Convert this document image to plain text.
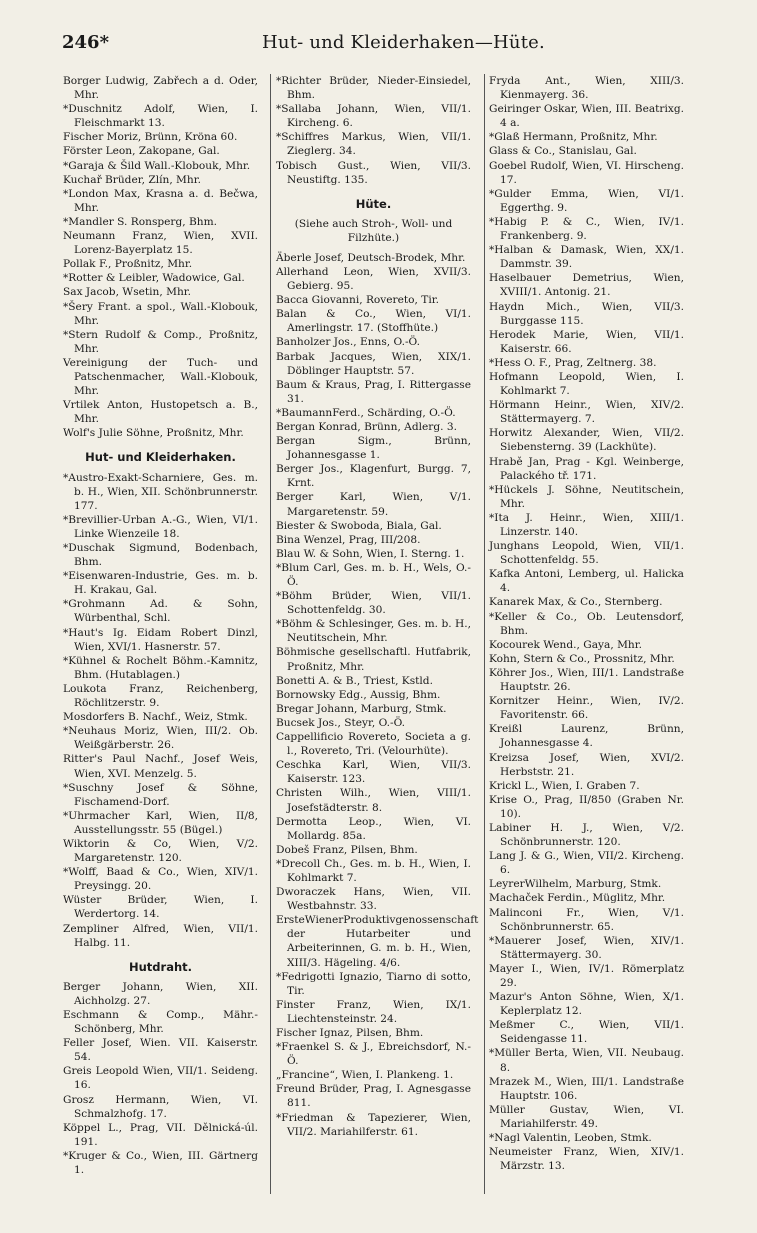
246*	Hut- und Kleiderhaken—Hüte.
Borger Ludwig, Zabřech a d. Oder, Mhr.
*Duschnitz Adolf, Wien, I. Fleischmarkt 13.
Fischer Moriz, Brünn, Kröna 60.
Förster Leon, Zakopane, Gal.
*Garaja & Šild Wall.-Klobouk, Mhr.
Kuchař Brüder, Zlín, Mhr.
*London Max, Krasna a. d. Bečwa, Mhr.
*Mandler S. Ronsperg, Bhm.
Neumann Franz, Wien, XVII. Lorenz-Bayerplatz 15.
Pollak F., Proßnitz, Mhr.
*Rotter & Leibler, Wadowice, Gal.
Sax Jacob, Wsetin, Mhr.
*Šery Frant. a spol., Wall.-Klobouk, Mhr.
*Stern Rudolf & Comp., Proßnitz, Mhr.
Vereinigung der Tuch- und Patschenmacher, Wall.-Klobouk, Mhr.
Vrtilek Anton, Hustopetsch a. B., Mhr.
Wolf's Julie Söhne, Proßnitz, Mhr.
Hut- und Kleiderhaken.
*Austro-Exakt-Scharniere, Ges. m. b. H., Wien, XII. Schönbrunnerstr. 177.
*Brevillier-Urban A.-G., Wien, VI/1. Linke Wienzeile 18.
*Duschak Sigmund, Bodenbach, Bhm.
*Eisenwaren-Industrie, Ges. m. b. H. Krakau, Gal.
*Grohmann Ad. & Sohn, Würbenthal, Schl.
*Haut's Ig. Eidam Robert Dinzl, Wien, XVI/1. Hasnerstr. 57.
*Kühnel & Rochelt Böhm.-Kamnitz, Bhm. (Hutablagen.)
Loukota Franz, Reichenberg, Röchlitzerstr. 9.
Mosdorfers B. Nachf., Weiz, Stmk.
*Neuhaus Moriz, Wien, III/2. Ob. Weißgärberstr. 26.
Ritter's Paul Nachf., Josef Weis, Wien, XVI. Menzelg. 5.
*Suschny Josef & Söhne, Fischamend-Dorf.
*Uhrmacher Karl, Wien, II/8, Ausstellungsstr. 55 (Bügel.)
Wiktorin & Co, Wien, V/2. Margaretenstr. 120.
*Wolff, Baad & Co., Wien, XIV/1. Preysingg. 20.
Wüster Brüder, Wien, I. Werdertorg. 14.
Zempliner Alfred, Wien, VII/1. Halbg. 11.
Hutdraht.
Berger Johann, Wien, XII. Aichholzg. 27.
Eschmann & Comp., Mähr.-Schönberg, Mhr.
Feller Josef, Wien. VII. Kaiserstr. 54.
Greis Leopold Wien, VII/1. Seideng. 16.
Grosz Hermann, Wien, VI. Schmalzhofg. 17.
Köppel L., Prag, VII. Dělnická-úl. 191.
*Kruger & Co., Wien, III. Gärtnerg 1.
*Richter Brüder, Nieder-Einsiedel, Bhm.
*Sallaba Johann, Wien, VII/1. Kircheng. 6.
*Schiffres Markus, Wien, VII/1. Zieglerg. 34.
Tobisch Gust., Wien, VII/3. Neustiftg. 135.
Hüte.
(Siehe auch Stroh-, Woll- und Filzhüte.)
Äberle Josef, Deutsch-Brodek, Mhr.
Allerhand Leon, Wien, XVII/3. Gebierg. 95.
Bacca Giovanni, Rovereto, Tir.
Balan & Co., Wien, VI/1. Amerlingstr. 17. (Stoffhüte.)
Banholzer Jos., Enns, O.-Ö.
Barbak Jacques, Wien, XIX/1. Döblinger Hauptstr. 57.
Baum & Kraus, Prag, I. Rittergasse 31.
*BaumannFerd., Schärding, O.-Ö.
Bergan Konrad, Brünn, Adlerg. 3.
Bergan Sigm., Brünn, Johannesgasse 1.
Berger Jos., Klagenfurt, Burgg. 7, Krnt.
Berger Karl, Wien, V/1. Margaretenstr. 59.
Biester & Swoboda, Biala, Gal.
Bina Wenzel, Prag, III/208.
Blau W. & Sohn, Wien, I. Sterng. 1.
*Blum Carl, Ges. m. b. H., Wels, O.-Ö.
*Böhm Brüder, Wien, VII/1. Schottenfeldg. 30.
*Böhm & Schlesinger, Ges. m. b. H., Neutitschein, Mhr.
Böhmische gesellschaftl. Hutfabrik, Proßnitz, Mhr.
Bonetti A. & B., Triest, Kstld.
Bornowsky Edg., Aussig, Bhm.
Bregar Johann, Marburg, Stmk.
Bucsek Jos., Steyr, O.-Ö.
Cappellificio Rovereto, Societa a g. l., Rovereto, Tri. (Velourhüte).
Ceschka Karl, Wien, VII/3. Kaiserstr. 123.
Christen Wilh., Wien, VIII/1. Josefstädterstr. 8.
Dermotta Leop., Wien, VI. Mollardg. 85a.
Dobeš Franz, Pilsen, Bhm.
*Drecoll Ch., Ges. m. b. H., Wien, I. Kohlmarkt 7.
Dworaczek Hans, Wien, VII. Westbahnstr. 33.
ErsteWienerProduktivgenossenschaft der Hutarbeiter und Arbeiterinnen, G. m. b. H., Wien, XIII/3. Hägeling. 4/6.
*Fedrigotti Ignazio, Tiarno di sotto, Tir.
Finster Franz, Wien, IX/1. Liechtensteinstr. 24.
Fischer Ignaz, Pilsen, Bhm.
*Fraenkel S. & J., Ebreichsdorf, N.-Ö.
„Francine“, Wien, I. Plankeng. 1.
Freund Brüder, Prag, I. Agnesgasse 811.
*Friedman & Tapezierer, Wien, VII/2. Mariahilferstr. 61.
Fryda Ant., Wien, XIII/3. Kienmayerg. 36.
Geiringer Oskar, Wien, III. Beatrixg. 4 a.
*Glaß Hermann, Proßnitz, Mhr.
Glass & Co., Stanislau, Gal.
Goebel Rudolf, Wien, VI. Hirscheng. 17.
*Gulder Emma, Wien, VI/1. Eggerthg. 9.
*Habig P. & C., Wien, IV/1. Frankenberg. 9.
*Halban & Damask, Wien, XX/1. Dammstr. 39.
Haselbauer Demetrius, Wien, XVIII/1. Antonig. 21.
Haydn Mich., Wien, VII/3. Burggasse 115.
Herodek Marie, Wien, VII/1. Kaiserstr. 66.
*Hess O. F., Prag, Zeltnerg. 38.
Hofmann Leopold, Wien, I. Kohlmarkt 7.
Hörmann Heinr., Wien, XIV/2. Stättermayerg. 7.
Horwitz Alexander, Wien, VII/2. Siebensterng. 39 (Lackhüte).
Hrabě Jan, Prag - Kgl. Weinberge, Palackého tř. 171.
*Hückels J. Söhne, Neutitschein, Mhr.
*Ita J. Heinr., Wien, XIII/1. Linzerstr. 140.
Junghans Leopold, Wien, VII/1. Schottenfeldg. 55.
Kafka Antoni, Lemberg, ul. Halicka 4.
Kanarek Max, & Co., Sternberg.
*Keller & Co., Ob. Leutensdorf, Bhm.
Kocourek Wend., Gaya, Mhr.
Kohn, Stern & Co., Prossnitz, Mhr.
Köhrer Jos., Wien, III/1. Landstraße Hauptstr. 26.
Kornitzer Heinr., Wien, IV/2. Favoritenstr. 66.
Kreißl Laurenz, Brünn, Johannesgasse 4.
Kreizsa Josef, Wien, XVI/2. Herbststr. 21.
Krickl L., Wien, I. Graben 7.
Krise O., Prag, II/850 (Graben Nr. 10).
Labiner H. J., Wien, V/2. Schönbrunnerstr. 120.
Lang J. & G., Wien, VII/2. Kircheng. 6.
LeyrerWilhelm, Marburg, Stmk.
Machaček Ferdin., Müglitz, Mhr.
Malinconi Fr., Wien, V/1. Schönbrunnerstr. 65.
*Mauerer Josef, Wien, XIV/1. Stättermayerg. 30.
Mayer I., Wien, IV/1. Römerplatz 29.
Mazur's Anton Söhne, Wien, X/1. Keplerplatz 12.
Meßmer C., Wien, VII/1. Seidengasse 11.
*Müller Berta, Wien, VII. Neubaug. 8.
Mrazek M., Wien, III/1. Landstraße Hauptstr. 106.
Müller Gustav, Wien, VI. Mariahilferstr. 49.
*Nagl Valentin, Leoben, Stmk.
Neumeister Franz, Wien, XIV/1. Märzstr. 13.
